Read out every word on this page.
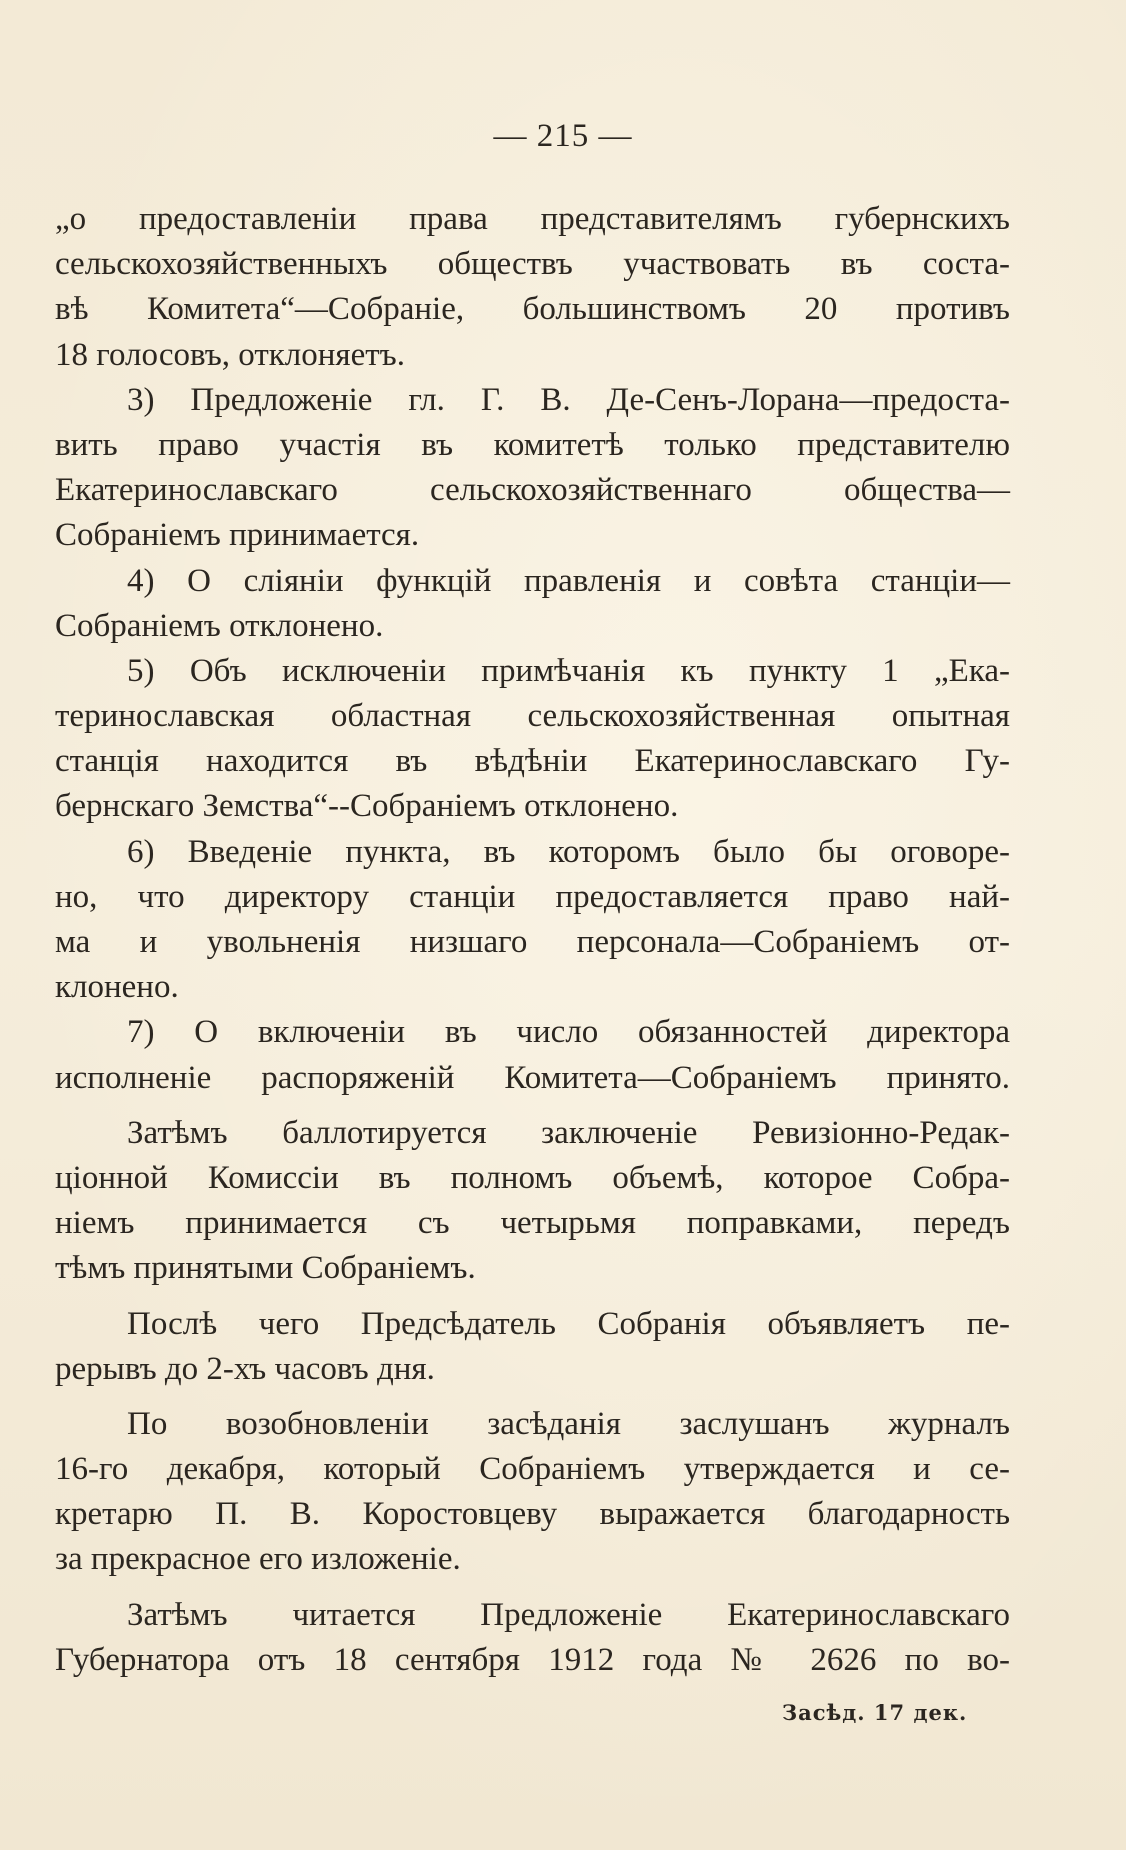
— 215 —
„о предоставленіи права представителямъ губернскихъ
сельскохозяйственныхъ обществъ участвовать въ соста-
вѣ Комитета“—Собраніе, большинствомъ 20 противъ
18 голосовъ, отклоняетъ.
3) Предложеніе гл. Г. В. Де-Сенъ-Лорана—предоста-
вить право участія въ комитетѣ только представителю
Екатеринославскаго сельскохозяйственнаго общества—
Собраніемъ принимается.
4) О сліяніи функцій правленія и совѣта станціи—
Собраніемъ отклонено.
5) Объ исключеніи примѣчанія къ пункту 1 „Ека-
теринославская областная сельскохозяйственная опытная
станція находится въ вѣдѣніи Екатеринославскаго Гу-
бернскаго Земства“--Собраніемъ отклонено.
6) Введеніе пункта, въ которомъ было бы оговоре-
но, что директору станціи предоставляется право най-
ма и увольненія низшаго персонала—Собраніемъ от-
клонено.
7) О включеніи въ число обязанностей директора
исполненіе распоряженій Комитета—Собраніемъ принято.
Затѣмъ баллотируется заключеніе Ревизіонно-Редак-
ціонной Комиссіи въ полномъ объемѣ, которое Собра-
ніемъ принимается съ четырьмя поправками, передъ
тѣмъ принятыми Собраніемъ.
Послѣ чего Предсѣдатель Собранія объявляетъ пе-
рерывъ до 2-хъ часовъ дня.
По возобновленіи засѣданія заслушанъ журналъ
16-го декабря, который Собраніемъ утверждается и се-
кретарю П. В. Коростовцеву выражается благодарность
за прекрасное его изложеніе.
Затѣмъ читается Предложеніе Екатеринославскаго
Губернатора отъ 18 сентября 1912 года № 2626 по во-
Засѣд. 17 дек.
